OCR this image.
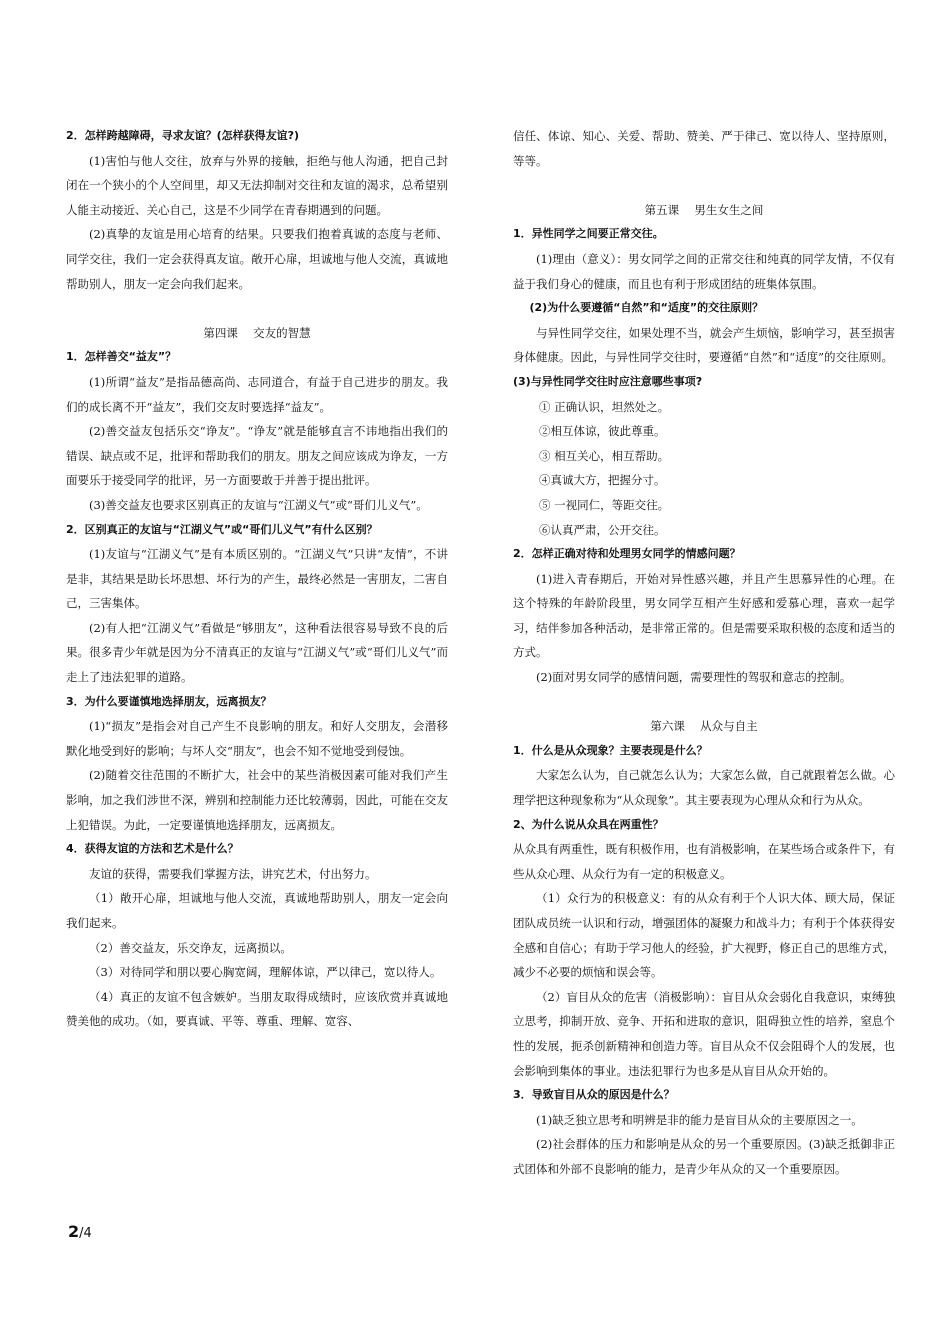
2．怎样跨越障碍，寻求友谊？(怎样获得友谊?)

(1)害怕与他人交往，放弃与外界的接触，拒绝与他人沟通，把自己封闭在一个狭小的个人空间里，却又无法抑制对交往和友谊的渴求，总希望别人能主动接近、关心自己，这是不少同学在青春期遇到的问题。

(2)真挚的友谊是用心培育的结果。只要我们抱着真诚的态度与老师、同学交往，我们一定会获得真友谊。敞开心扉，坦诚地与他人交流，真诚地帮助别人，朋友一定会向我们起来。

第四课　 交友的智慧

1．怎样善交“益友”？

(1)所谓“益友”是指品德高尚、志同道合，有益于自己进步的朋友。我们的成长离不开“益友”，我们交友时要选择“益友”。

(2)善交益友包括乐交“诤友”。“诤友”就是能够直言不讳地指出我们的错误、缺点或不足，批评和帮助我们的朋友。朋友之间应该成为诤友，一方面要乐于接受同学的批评，另一方面要敢于并善于提出批评。

(3)善交益友也要求区别真正的友谊与“江湖义气”或“哥们儿义气”。

2．区别真正的友谊与“江湖义气”或“哥们儿义气”有什么区别？

(1)友谊与“江湖义气”是有本质区别的。“江湖义气”只讲“友情”，不讲是非，其结果是助长坏思想、坏行为的产生，最终必然是一害朋友，二害自己，三害集体。

(2)有人把“江湖义气”看做是“够朋友”，这种看法很容易导致不良的后果。很多青少年就是因为分不清真正的友谊与“江湖义气”或“哥们儿义气”而走上了违法犯罪的道路。

3．为什么要谨慎地选择朋友，远离损友？

(1)“损友”是指会对自己产生不良影响的朋友。和好人交朋友，会潜移默化地受到好的影响；与坏人交“朋友”，也会不知不觉地受到侵蚀。

(2)随着交往范围的不断扩大，社会中的某些消极因素可能对我们产生影响，加之我们涉世不深，辨别和控制能力还比较薄弱，因此，可能在交友上犯错误。为此，一定要谨慎地选择朋友，远离损友。

4．获得友谊的方法和艺术是什么？

友谊的获得，需要我们掌握方法，讲究艺术，付出努力。

（1）敞开心扉，坦诚地与他人交流，真诚地帮助别人，朋友一定会向我们起来。

（2）善交益友，乐交诤友，远离损以。

（3）对待同学和朋以要心胸宽阔，理解体谅，严以律己，宽以待人。

（4）真正的友谊不包含嫉妒。当朋友取得成绩时，应该欣赏并真诚地赞美他的成功。（如，要真诚、平等、尊重、理解、宽容、

信任、体谅、知心、关爱、帮助、赞美、严于律己、宽以待人、坚持原则，等等。

第五课　 男生女生之间

1．异性同学之间要正常交往。

(1)理由（意义）：男女同学之间的正常交往和纯真的同学友情，不仅有益于我们身心的健康，而且也有利于形成团结的班集体氛围。

(2)为什么要遵循“自然”和“适度”的交往原则？

与异性同学交往，如果处理不当，就会产生烦恼，影响学习，甚至损害身体健康。因此，与异性同学交往时，要遵循“自然”和“适度”的交往原则。

(3)与异性同学交往时应注意哪些事项?

① 正确认识，坦然处之。
②相互体谅，彼此尊重。
③ 相互关心，相互帮助。
④真诚大方，把握分寸。
⑤ 一视同仁，等距交往。
⑥认真严肃，公开交往。

2．怎样正确对待和处理男女同学的情感问题？

(1)进入青春期后，开始对异性感兴趣，并且产生思慕异性的心理。在这个特殊的年龄阶段里，男女同学互相产生好感和爱慕心理，喜欢一起学习，结伴参加各种活动，是非常正常的。但是需要采取积极的态度和适当的方式。

(2)面对男女同学的感情问题，需要理性的驾驭和意志的控制。

第六课　 从众与自主

1．什么是从众现象？主要表现是什么？

大家怎么认为，自己就怎么认为；大家怎么做，自己就跟着怎么做。心理学把这种现象称为“从众现象”。其主要表现为心理从众和行为从众。

2、为什么说从众具在两重性？

从众具有两重性，既有积极作用，也有消极影响，在某些场合或条件下，有些从众心理、从众行为有一定的积极意义。

（1）众行为的积极意义：有的从众有利于个人识大体、顾大局，保证团队成员统一认识和行动，增强团体的凝聚力和战斗力；有利于个体获得安全感和自信心；有助于学习他人的经验，扩大视野，修正自己的思维方式，减少不必要的烦恼和误会等。

（2）盲目从众的危害（消极影响）：盲目从众会弱化自我意识，束缚独立思考，抑制开放、竞争、开拓和进取的意识，阻碍独立性的培养，窒息个性的发展，扼杀创新精神和创造力等。盲目从众不仅会阻碍个人的发展，也会影响到集体的事业。违法犯罪行为也多是从盲目从众开始的。

3．导致盲目从众的原因是什么？

(1)缺乏独立思考和明辨是非的能力是盲目从众的主要原因之一。

(2)社会群体的压力和影响是从众的另一个重要原因。(3)缺乏抵御非正式团体和外部不良影响的能力，是青少年从众的又一个重要原因。

2/4
